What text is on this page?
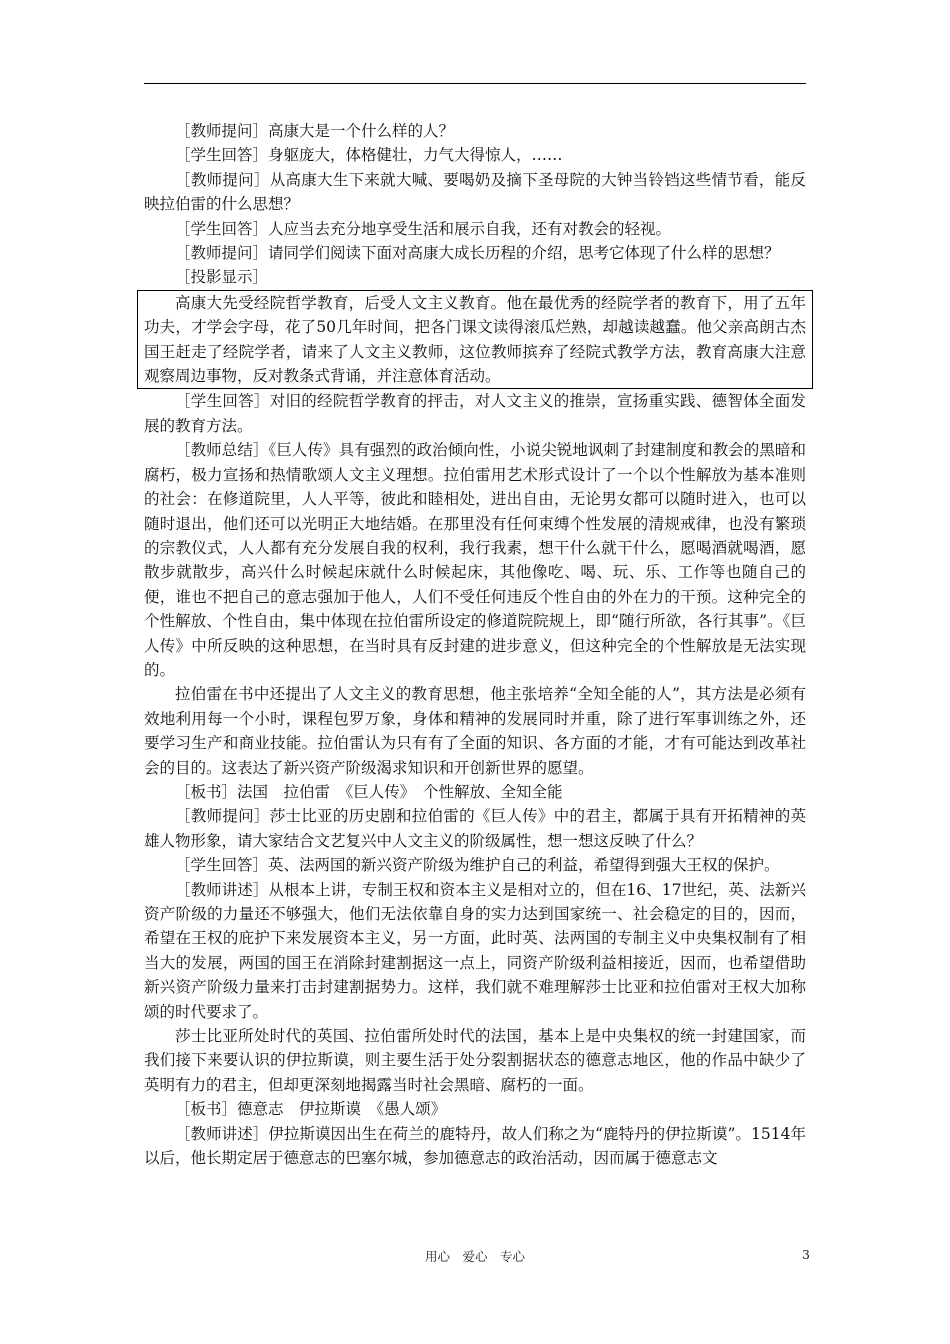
［教师提问］高康大是一个什么样的人？

［学生回答］身躯庞大，体格健壮，力气大得惊人，……

［教师提问］从高康大生下来就大喊、要喝奶及摘下圣母院的大钟当铃铛这些情节看，能反映拉伯雷的什么思想？

［学生回答］人应当去充分地享受生活和展示自我，还有对教会的轻视。

［教师提问］请同学们阅读下面对高康大成长历程的介绍，思考它体现了什么样的思想？

［投影显示］

高康大先受经院哲学教育，后受人文主义教育。他在最优秀的经院学者的教育下，用了五年功夫，才学会字母，花了50几年时间，把各门课文读得滚瓜烂熟，却越读越蠢。他父亲高朗古杰国王赶走了经院学者，请来了人文主义教师，这位教师摈弃了经院式教学方法，教育高康大注意观察周边事物，反对教条式背诵，并注意体育活动。

［学生回答］对旧的经院哲学教育的抨击，对人文主义的推崇，宣扬重实践、德智体全面发展的教育方法。

［教师总结］《巨人传》具有强烈的政治倾向性，小说尖锐地讽刺了封建制度和教会的黑暗和腐朽，极力宣扬和热情歌颂人文主义理想。拉伯雷用艺术形式设计了一个以个性解放为基本准则的社会：在修道院里，人人平等，彼此和睦相处，进出自由，无论男女都可以随时进入，也可以随时退出，他们还可以光明正大地结婚。在那里没有任何束缚个性发展的清规戒律，也没有繁琐的宗教仪式，人人都有充分发展自我的权利，我行我素，想干什么就干什么，愿喝酒就喝酒，愿散步就散步，高兴什么时候起床就什么时候起床，其他像吃、喝、玩、乐、工作等也随自己的便，谁也不把自己的意志强加于他人，人们不受任何违反个性自由的外在力的干预。这种完全的个性解放、个性自由，集中体现在拉伯雷所设定的修道院院规上，即“随行所欲，各行其事”。《巨人传》中所反映的这种思想，在当时具有反封建的进步意义，但这种完全的个性解放是无法实现的。

拉伯雷在书中还提出了人文主义的教育思想，他主张培养“全知全能的人”，其方法是必须有效地利用每一个小时，课程包罗万象，身体和精神的发展同时并重，除了进行军事训练之外，还要学习生产和商业技能。拉伯雷认为只有有了全面的知识、各方面的才能，才有可能达到改革社会的目的。这表达了新兴资产阶级渴求知识和开创新世界的愿望。

［板书］法国　拉伯雷　《巨人传》　个性解放、全知全能

［教师提问］莎士比亚的历史剧和拉伯雷的《巨人传》中的君主，都属于具有开拓精神的英雄人物形象，请大家结合文艺复兴中人文主义的阶级属性，想一想这反映了什么？

［学生回答］英、法两国的新兴资产阶级为维护自己的利益，希望得到强大王权的保护。

［教师讲述］从根本上讲，专制王权和资本主义是相对立的，但在16、17世纪，英、法新兴资产阶级的力量还不够强大，他们无法依靠自身的实力达到国家统一、社会稳定的目的，因而，希望在王权的庇护下来发展资本主义，另一方面，此时英、法两国的专制主义中央集权制有了相当大的发展，两国的国王在消除封建割据这一点上，同资产阶级利益相接近，因而，也希望借助新兴资产阶级力量来打击封建割据势力。这样，我们就不难理解莎士比亚和拉伯雷对王权大加称颂的时代要求了。

莎士比亚所处时代的英国、拉伯雷所处时代的法国，基本上是中央集权的统一封建国家，而我们接下来要认识的伊拉斯谟，则主要生活于处分裂割据状态的德意志地区，他的作品中缺少了英明有力的君主，但却更深刻地揭露当时社会黑暗、腐朽的一面。

［板书］德意志　伊拉斯谟　《愚人颂》

［教师讲述］伊拉斯谟因出生在荷兰的鹿特丹，故人们称之为“鹿特丹的伊拉斯谟”。1514年以后，他长期定居于德意志的巴塞尔城，参加德意志的政治活动，因而属于德意志文

用心　爱心　专心	3
